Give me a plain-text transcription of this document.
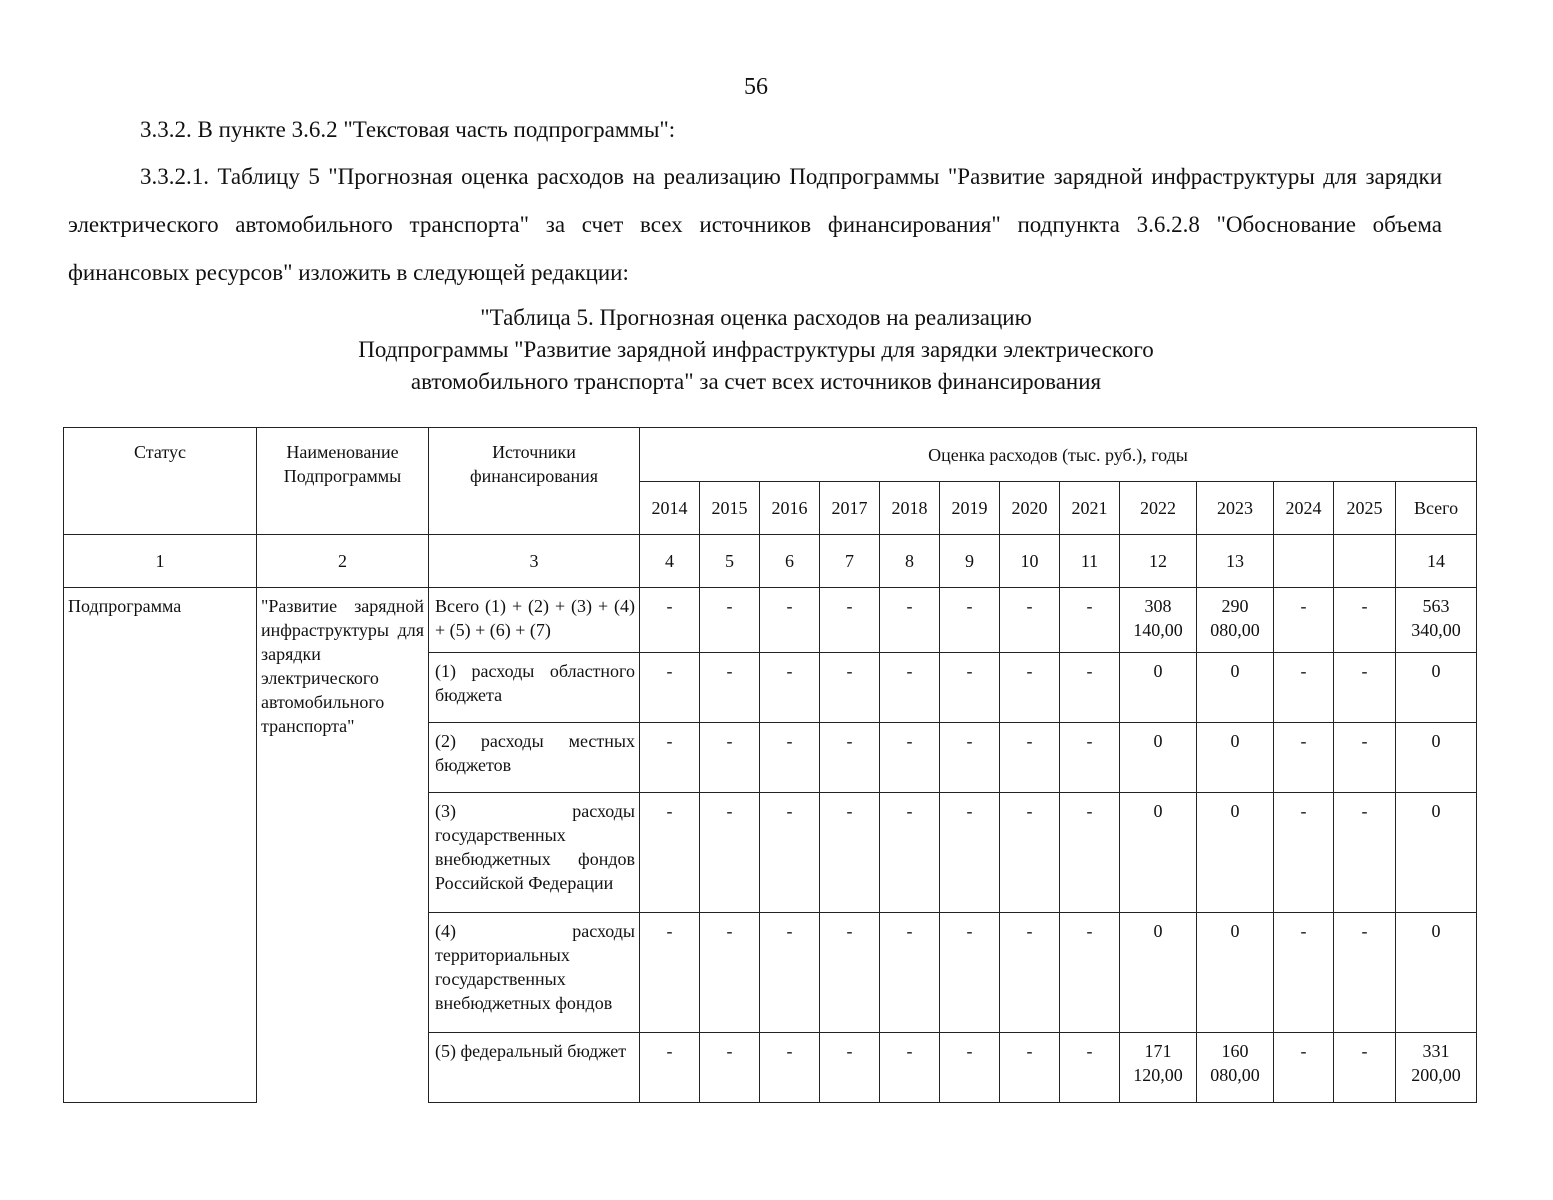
56
3.3.2. В пункте 3.6.2 "Текстовая часть подпрограммы":
3.3.2.1. Таблицу 5 "Прогнозная оценка расходов на реализацию Подпрограммы "Развитие зарядной инфраструктуры для зарядки электрического автомобильного транспорта" за счет всех источников финансирования" подпункта 3.6.2.8 "Обоснование объема финансовых ресурсов" изложить в следующей редакции:
"Таблица 5. Прогнозная оценка расходов на реализацию
Подпрограммы "Развитие зарядной инфраструктуры для зарядки электрического
автомобильного транспорта" за счет всех источников финансирования
Статус	Наименование Подпрограммы	Источники финансирования	Оценка расходов (тыс. руб.), годы												
			2014	2015	2016	2017	2018	2019	2020	2021	2022	2023	2024	2025	Всего
1	2	3	4	5	6	7	8	9	10	11	12	13			14
Подпрограмма	"Развитие зарядной инфраструктуры для зарядки электрического автомобильного транспорта"	Всего (1) + (2) + (3) + (4) + (5) + (6) + (7)	-	-	-	-	-	-	-	-	308 140,00	290 080,00	-	-	563 340,00
		(1) расходы областного бюджета	-	-	-	-	-	-	-	-	0	0	-	-	0
		(2) расходы местных бюджетов	-	-	-	-	-	-	-	-	0	0	-	-	0
		(3) расходы государственных внебюджетных фондов Российской Федерации	-	-	-	-	-	-	-	-	0	0	-	-	0
		(4) расходы территориальных государственных внебюджетных фондов	-	-	-	-	-	-	-	-	0	0	-	-	0
		(5) федеральный бюджет	-	-	-	-	-	-	-	-	171 120,00	160 080,00	-	-	331 200,00
